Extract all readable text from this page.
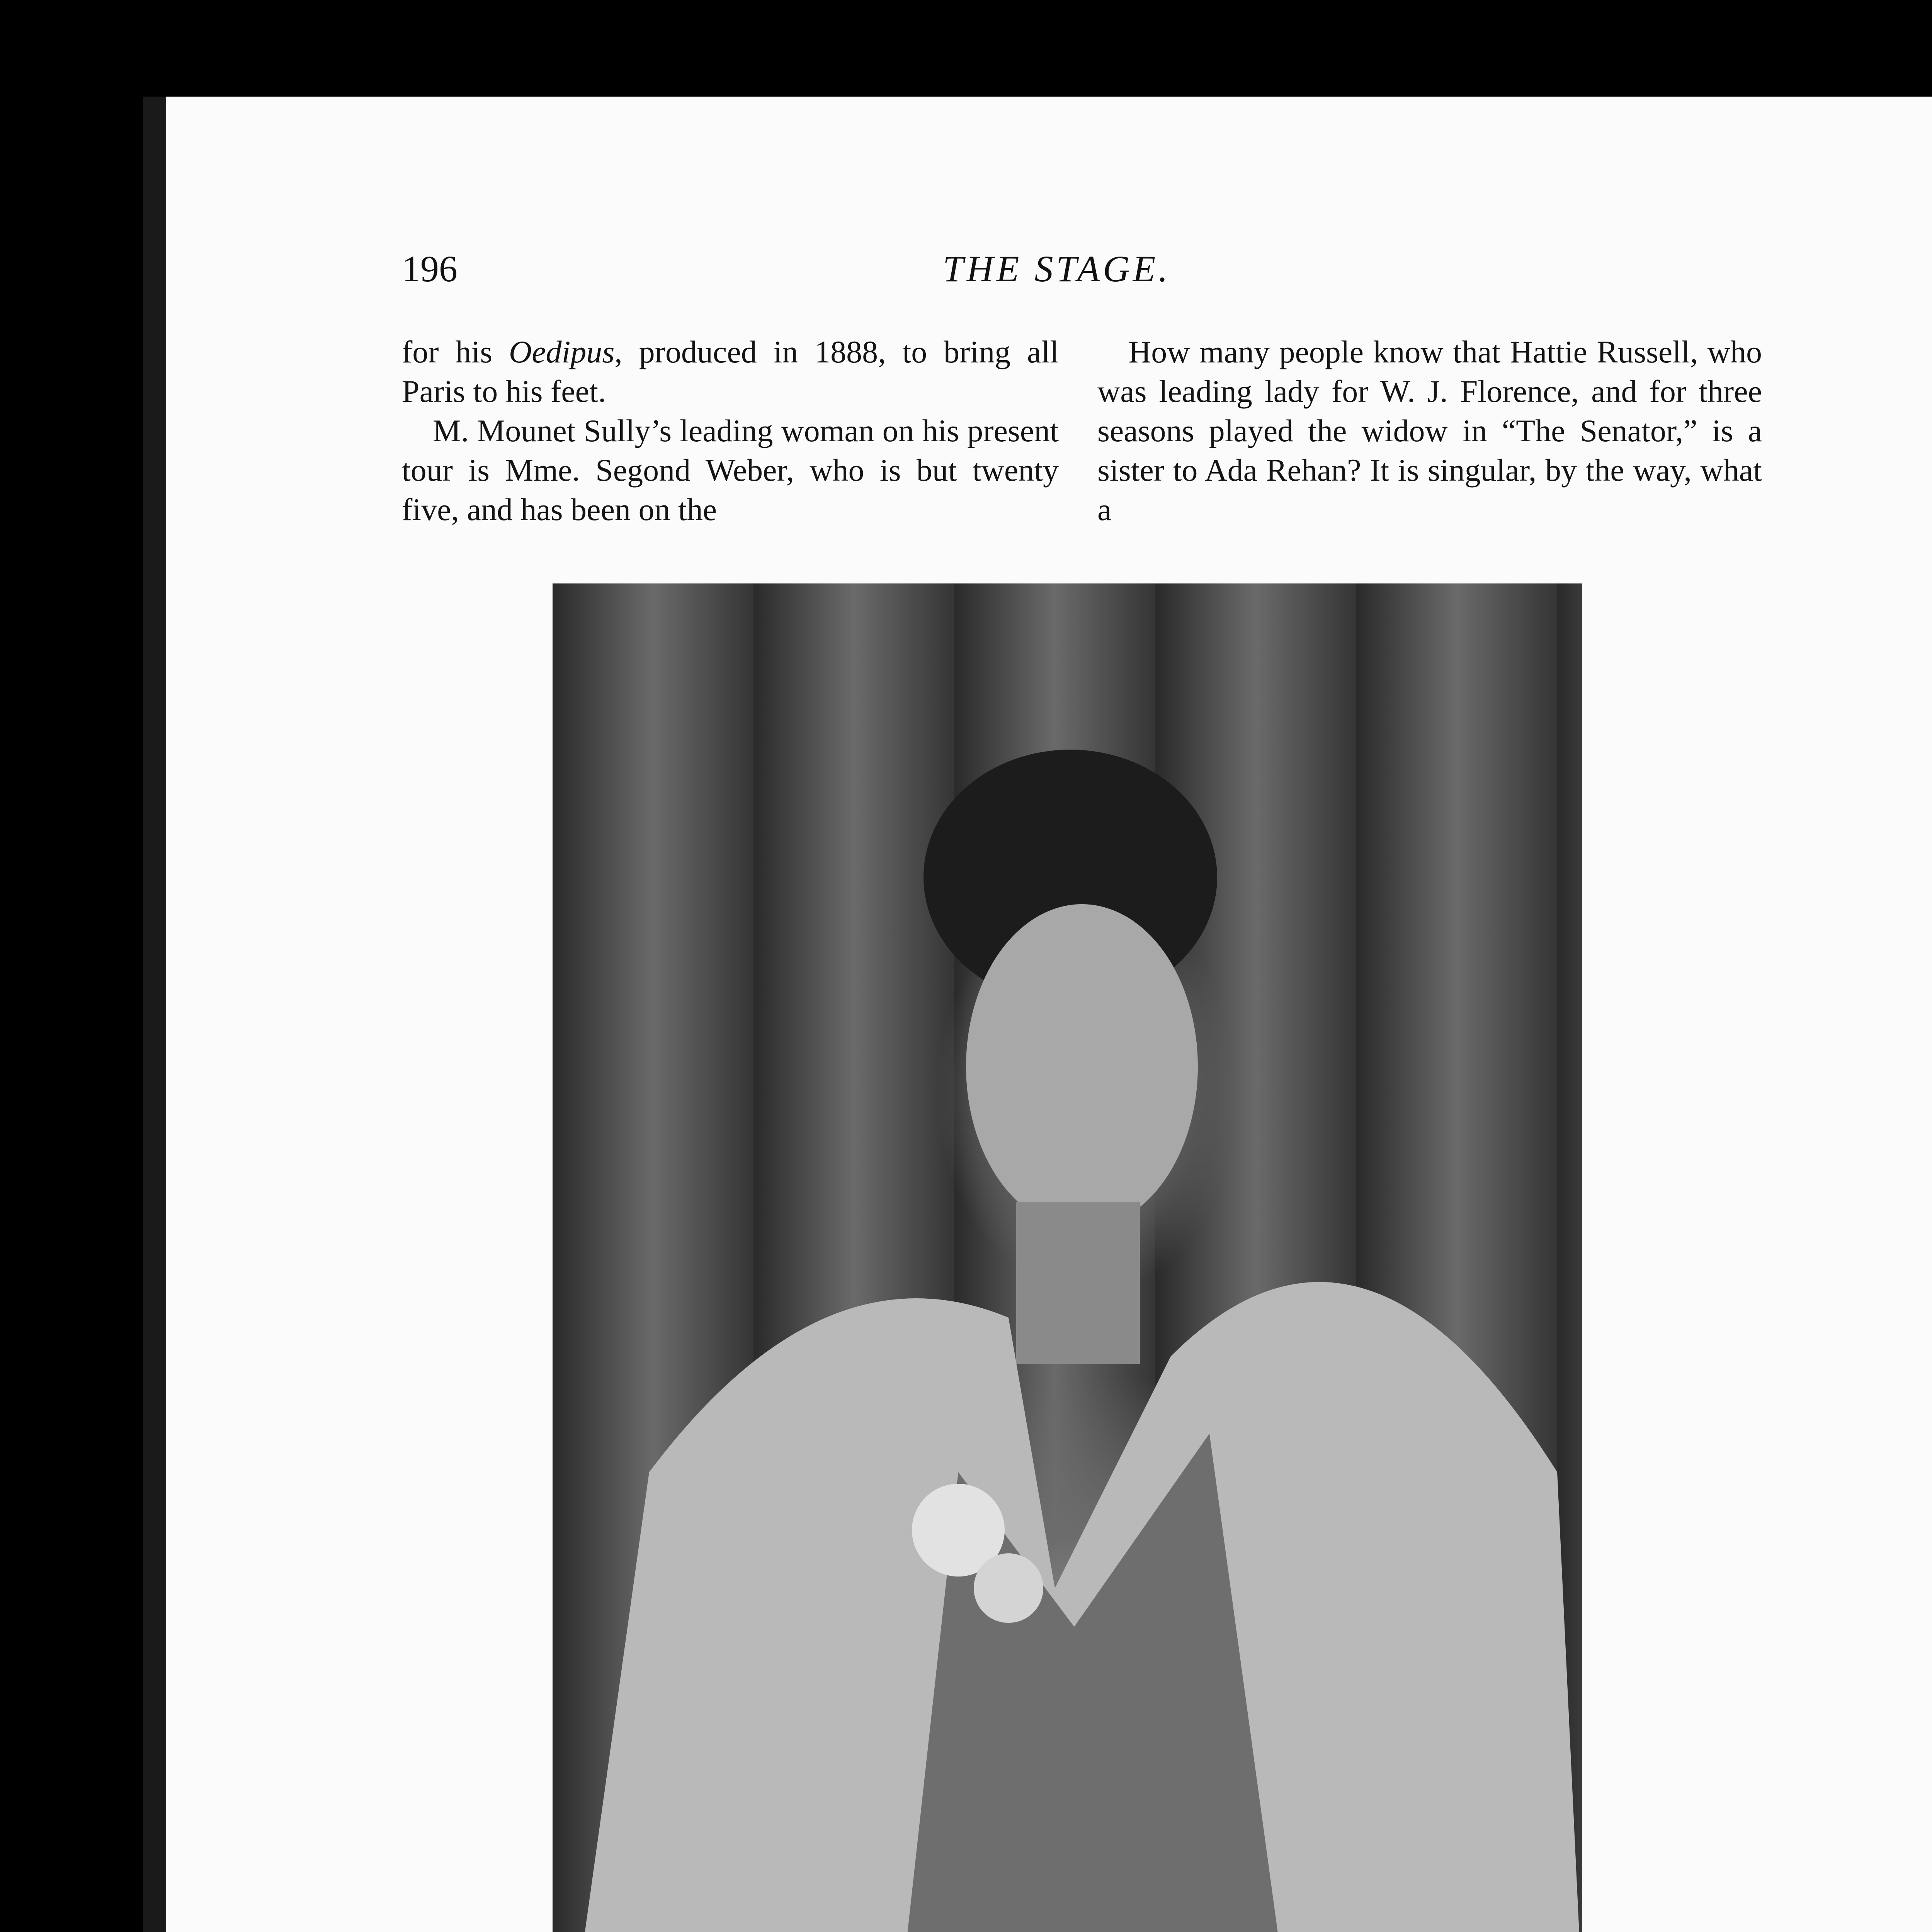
196	THE STAGE.

for his Oedipus, produced in 1888, to bring all Paris to his feet.

M. Mounet Sully’s leading woman on his present tour is Mme. Segond Weber, who is but twenty five, and has been on the

How many people know that Hattie Russell, who was leading lady for W. J. Florence, and for three seasons played the widow in “The Senator,” is a sister to Ada Rehan? It is singular, by the way, what a
